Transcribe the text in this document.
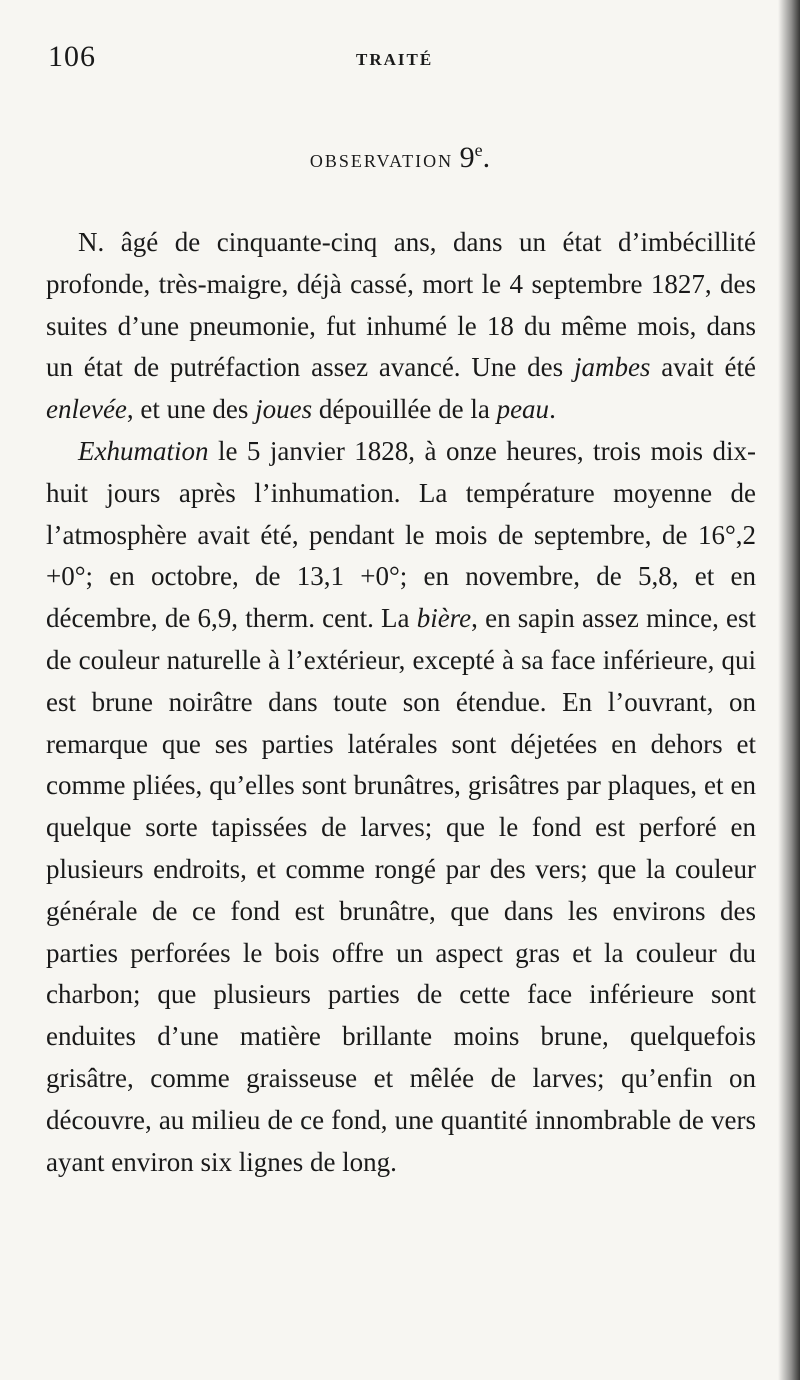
106	TRAITÉ
OBSERVATION 9e.

N. âgé de cinquante-cinq ans, dans un état d’imbécillité profonde, très-maigre, déjà cassé, mort le 4 septembre 1827, des suites d’une pneumonie, fut inhumé le 18 du même mois, dans un état de putréfaction assez avancé. Une des jambes avait été enlevée, et une des joues dépouillée de la peau.

Exhumation le 5 janvier 1828, à onze heures, trois mois dix-huit jours après l’inhumation. La température moyenne de l’atmosphère avait été, pendant le mois de septembre, de 16°,2 +0°; en octobre, de 13,1 +0°; en novembre, de 5,8, et en décembre, de 6,9, therm. cent. La bière, en sapin assez mince, est de couleur naturelle à l’extérieur, excepté à sa face inférieure, qui est brune noirâtre dans toute son étendue. En l’ouvrant, on remarque que ses parties latérales sont déjetées en dehors et comme pliées, qu’elles sont brunâtres, grisâtres par plaques, et en quelque sorte tapissées de larves; que le fond est perforé en plusieurs endroits, et comme rongé par des vers; que la couleur générale de ce fond est brunâtre, que dans les environs des parties perforées le bois offre un aspect gras et la couleur du charbon; que plusieurs parties de cette face inférieure sont enduites d’une matière brillante moins brune, quelquefois grisâtre, comme graisseuse et mêlée de larves; qu’enfin on découvre, au milieu de ce fond, une quantité innombrable de vers ayant environ six lignes de long.
